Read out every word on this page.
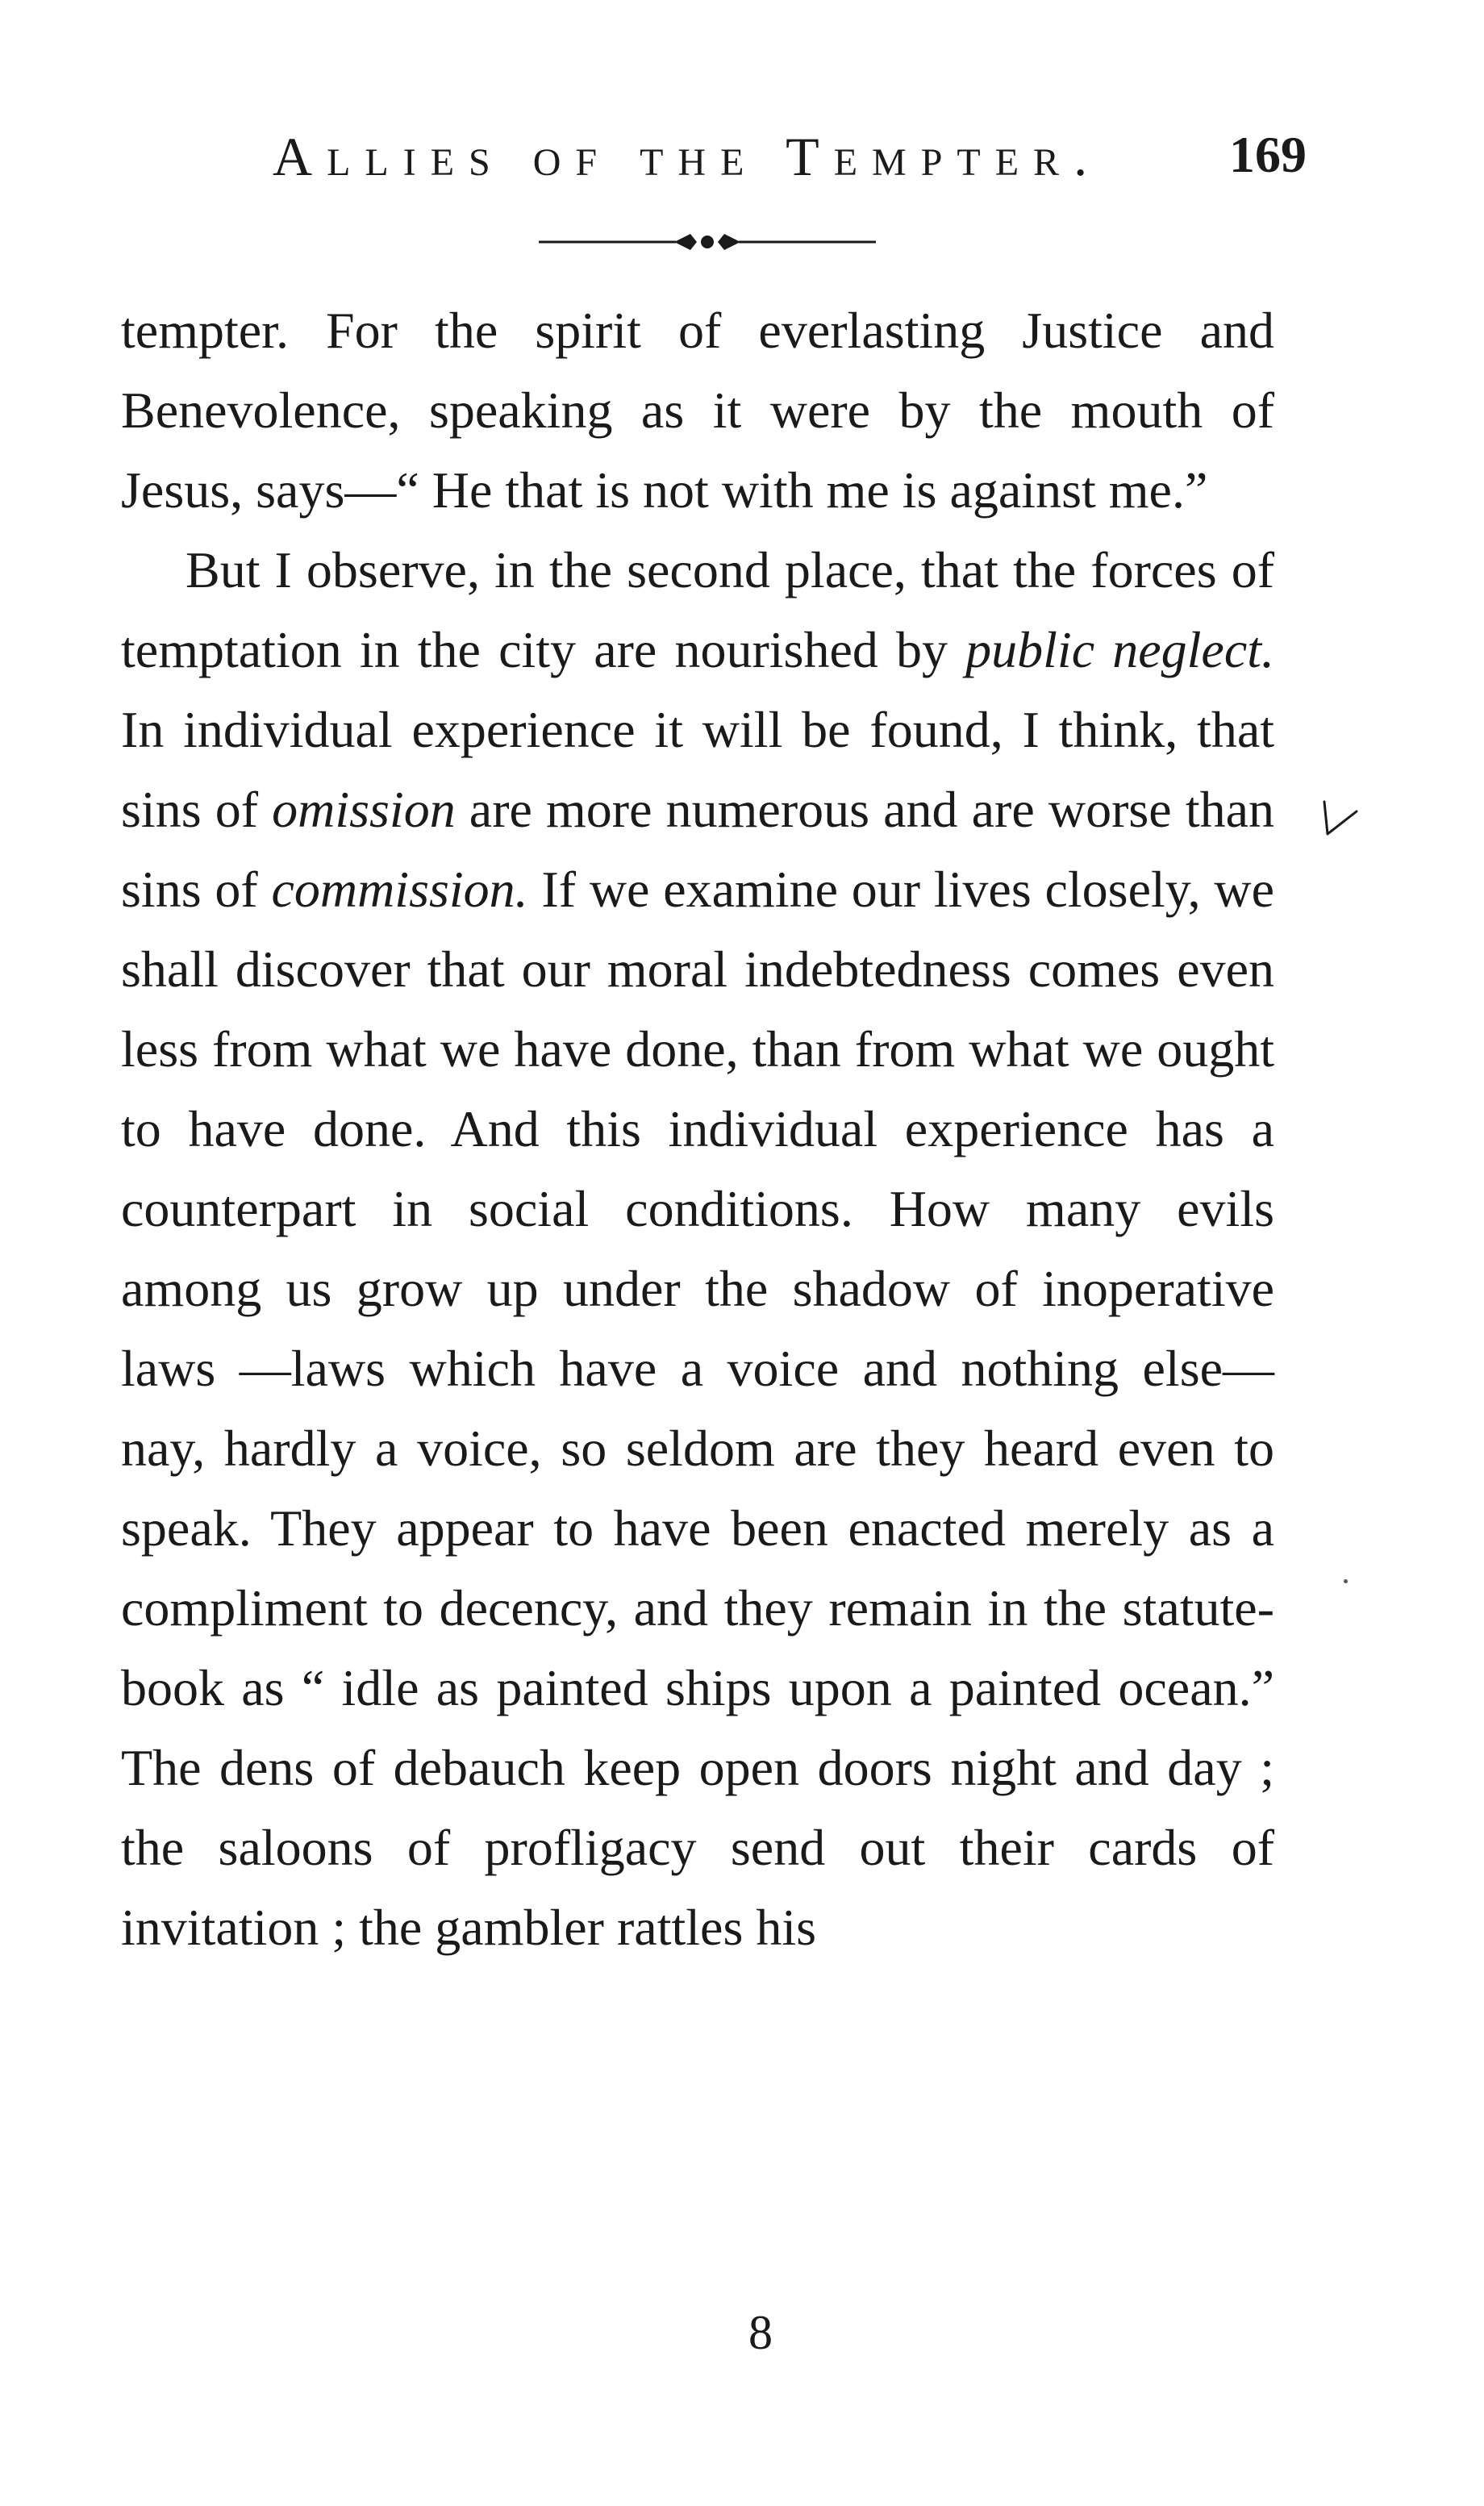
Allies of the Tempter. 169

tempter. For the spirit of everlasting Justice and Benevolence, speaking as it were by the mouth of Jesus, says—“ He that is not with me is against me.”

But I observe, in the second place, that the forces of temptation in the city are nourished by public neglect. In individual experience it will be found, I think, that sins of omission are more numerous and are worse than sins of commission. If we examine our lives closely, we shall discover that our moral indebtedness comes even less from what we have done, than from what we ought to have done. And this individual experience has a counterpart in social conditions. How many evils among us grow up under the shadow of inoperative laws —laws which have a voice and nothing else— nay, hardly a voice, so seldom are they heard even to speak. They appear to have been enacted merely as a compliment to decency, and they remain in the statute-book as “ idle as painted ships upon a painted ocean.” The dens of debauch keep open doors night and day ; the saloons of profligacy send out their cards of invitation ; the gambler rattles his

8
